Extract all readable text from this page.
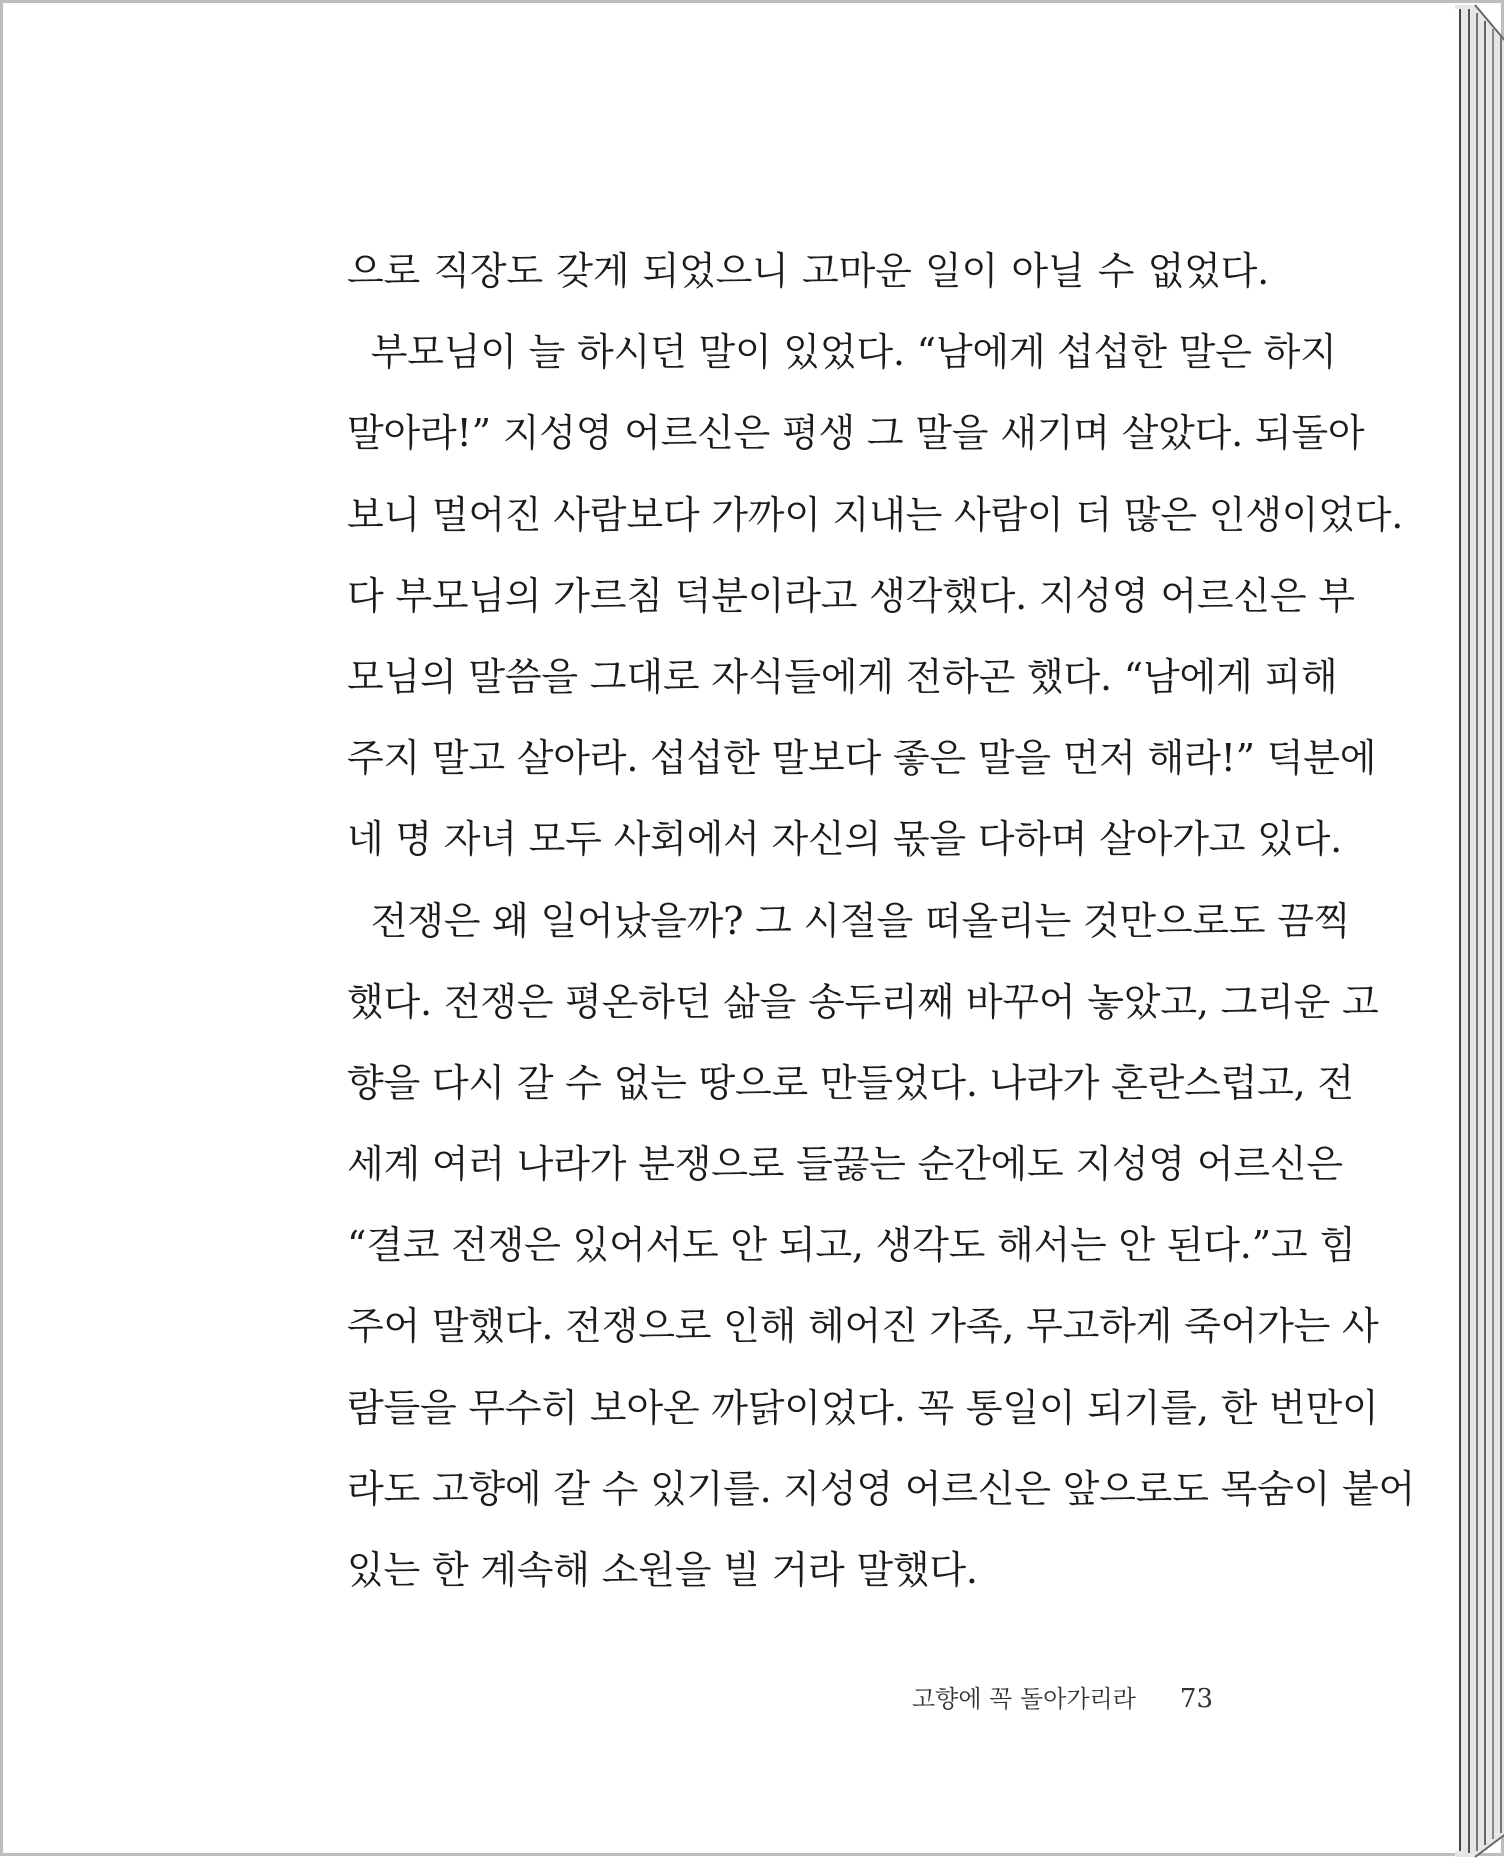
으로 직장도 갖게 되었으니 고마운 일이 아닐 수 없었다.
부모님이 늘 하시던 말이 있었다. “남에게 섭섭한 말은 하지
말아라!” 지성영 어르신은 평생 그 말을 새기며 살았다. 되돌아
보니 멀어진 사람보다 가까이 지내는 사람이 더 많은 인생이었다.
다 부모님의 가르침 덕분이라고 생각했다. 지성영 어르신은 부
모님의 말씀을 그대로 자식들에게 전하곤 했다. “남에게 피해
주지 말고 살아라. 섭섭한 말보다 좋은 말을 먼저 해라!” 덕분에
네 명 자녀 모두 사회에서 자신의 몫을 다하며 살아가고 있다.
전쟁은 왜 일어났을까? 그 시절을 떠올리는 것만으로도 끔찍
했다. 전쟁은 평온하던 삶을 송두리째 바꾸어 놓았고, 그리운 고
향을 다시 갈 수 없는 땅으로 만들었다. 나라가 혼란스럽고, 전
세계 여러 나라가 분쟁으로 들끓는 순간에도 지성영 어르신은
“결코 전쟁은 있어서도 안 되고, 생각도 해서는 안 된다.”고 힘
주어 말했다. 전쟁으로 인해 헤어진 가족, 무고하게 죽어가는 사
람들을 무수히 보아온 까닭이었다. 꼭 통일이 되기를, 한 번만이
라도 고향에 갈 수 있기를. 지성영 어르신은 앞으로도 목숨이 붙어
있는 한 계속해 소원을 빌 거라 말했다.
고향에 꼭 돌아가리라 73
